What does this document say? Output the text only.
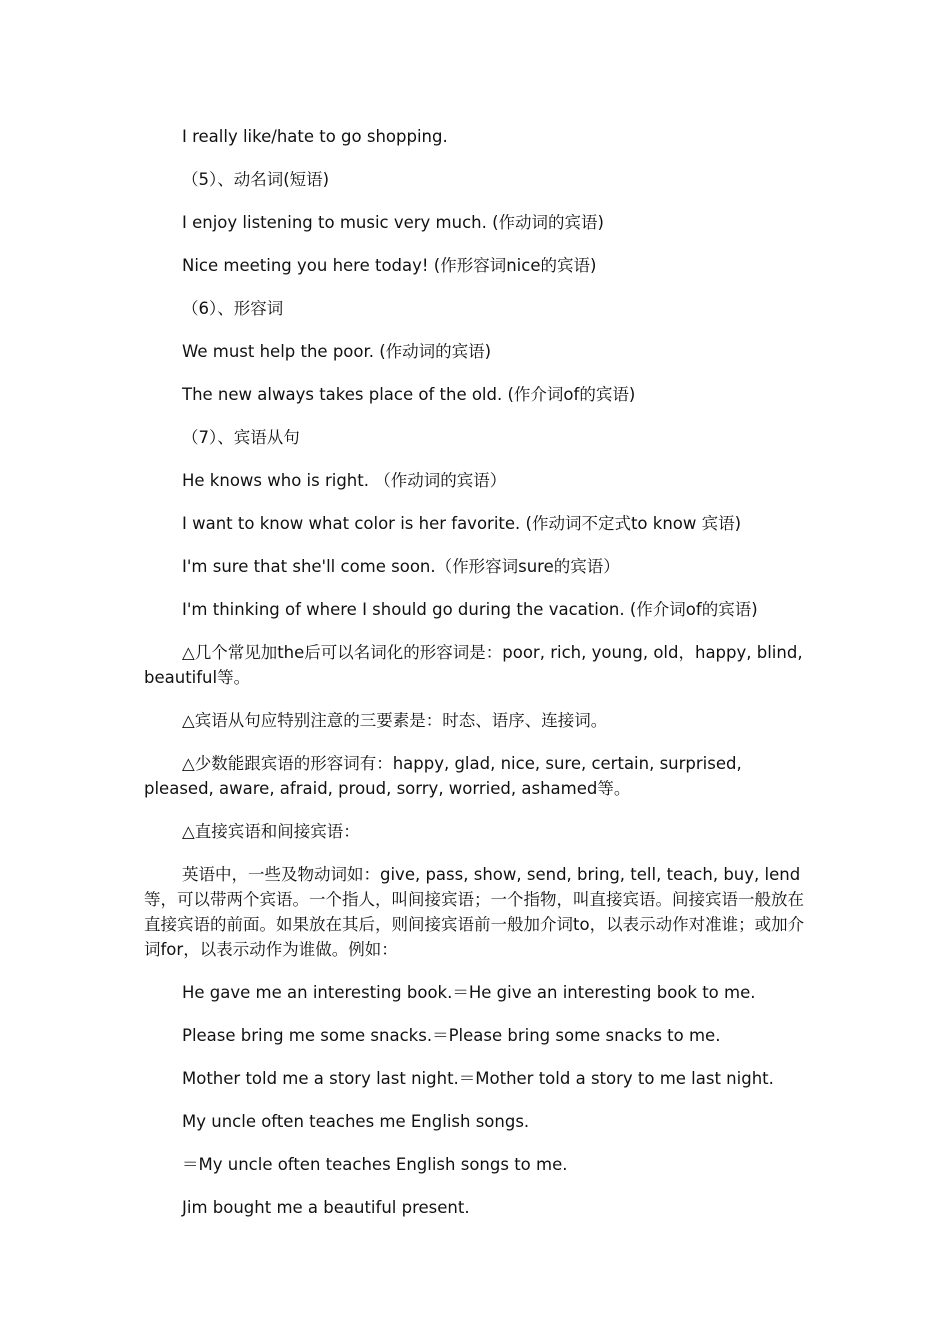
I really like/hate to go shopping.

（5）、动名词(短语)

I enjoy listening to music very much. (作动词的宾语)

Nice meeting you here today! (作形容词nice的宾语)

（6）、形容词

We must help the poor. (作动词的宾语)

The new always takes place of the old. (作介词of的宾语)

（7）、宾语从句

He knows who is right. （作动词的宾语）

I want to know what color is her favorite. (作动词不定式to know 宾语)

I'm sure that she'll come soon.（作形容词sure的宾语）

I'm thinking of where I should go during the vacation. (作介词of的宾语)

△几个常见加the后可以名词化的形容词是：poor, rich, young, old，happy, blind, beautiful等。

△宾语从句应特别注意的三要素是：时态、语序、连接词。

△少数能跟宾语的形容词有：happy, glad, nice, sure, certain, surprised, pleased, aware, afraid, proud, sorry, worried, ashamed等。

△直接宾语和间接宾语：

英语中，一些及物动词如：give, pass, show, send, bring, tell, teach, buy, lend等，可以带两个宾语。一个指人，叫间接宾语；一个指物，叫直接宾语。间接宾语一般放在直接宾语的前面。如果放在其后，则间接宾语前一般加介词to，以表示动作对准谁；或加介词for，以表示动作为谁做。例如：

He gave me an interesting book.＝He give an interesting book to me.

Please bring me some snacks.＝Please bring some snacks to me.

Mother told me a story last night.＝Mother told a story to me last night.

My uncle often teaches me English songs.

＝My uncle often teaches English songs to me.

Jim bought me a beautiful present.
